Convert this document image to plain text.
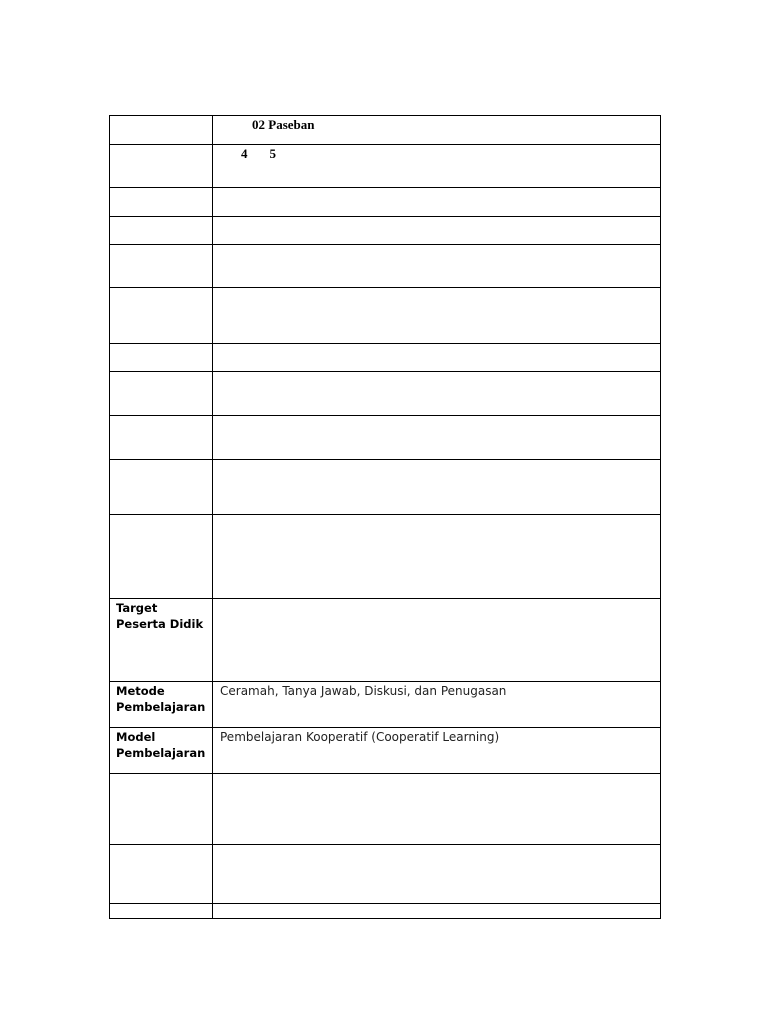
	02 Paseban

	4 5

Target Peserta Didik	

Metode Pembelajaran	Ceramah, Tanya Jawab, Diskusi, dan Penugasan

Model Pembelajaran	Pembelajaran Kooperatif (Cooperatif Learning)
